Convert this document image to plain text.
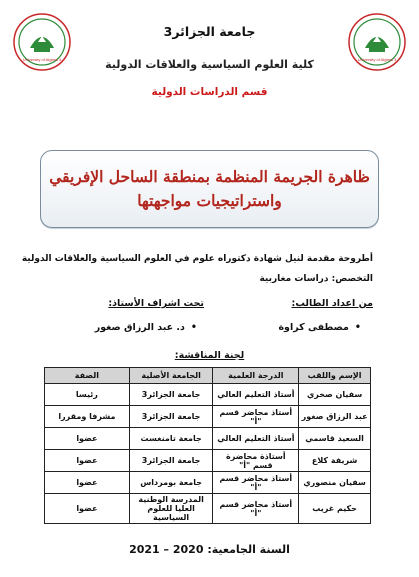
University of Algiers 3
University of Algiers 3
جامعة الجزائر3
كلية العلوم السياسية والعلاقات الدولية
قسم الدراسات الدولية
ظاهرة الجريمة المنظمة بمنطقة الساحل الإفريقي
واستراتيجيات مواجهتها
أطروحة مقدمة لنيل شهادة دكتوراه علوم في العلوم السياسية والعلاقات الدولية
التخصص: دراسات مغاربية
من اعداد الطالب:
تحت اشراف الأستاذ:
•مصطفى كراوة
•د. عبد الرزاق صغور
لجنة المناقشة:
الإسم واللقب	الدرجة العلمية	الجامعة الأصلية	الصفة
سفيان صخري	أستاذ التعليم العالي	جامعة الجزائر3	رئيسا
عبد الرزاق صغور	أستاذ محاضر قسم "أ"	جامعة الجزائر3	مشرفا ومقررا
السعيد قاسمي	أستاذ التعليم العالي	جامعة تامنغست	عضوا
شريفة كلاع	أستاذة محاضرة قسم "أ"	جامعة الجزائر3	عضوا
سفيان منصوري	أستاذ محاضر قسم "أ"	جامعة بومرداس	عضوا
حكيم غريب	أستاذ محاضر قسم "أ"	المدرسة الوطنية العليا للعلوم السياسية	عضوا
السنة الجامعية: 2020 – 2021
